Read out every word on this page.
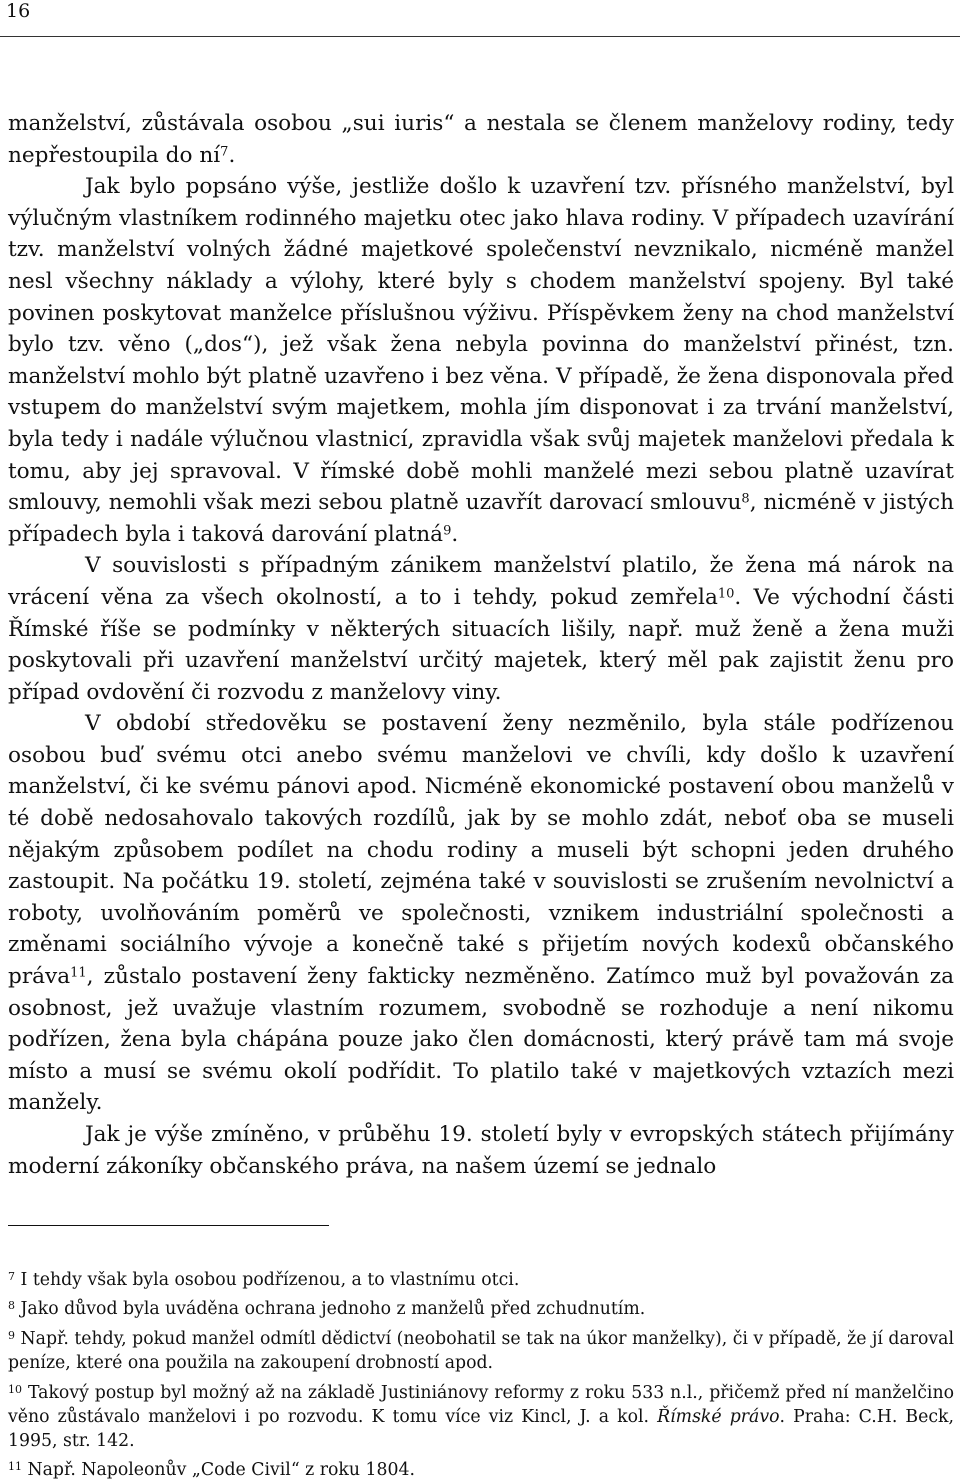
16

manželství, zůstávala osobou „sui iuris“ a nestala se členem manželovy rodiny, tedy nepřestoupila do ní$^7$.

Jak bylo popsáno výše, jestliže došlo k uzavření tzv. přísného manželství, byl výlučným vlastníkem rodinného majetku otec jako hlava rodiny. V případech uzavírání tzv. manželství volných žádné majetkové společenství nevznikalo, nicméně manžel nesl všechny náklady a výlohy, které byly s chodem manželství spojeny. Byl také povinen poskytovat manželce příslušnou výživu. Příspěvkem ženy na chod manželství bylo tzv. věno („dos“), jež však žena nebyla povinna do manželství přinést, tzn. manželství mohlo být platně uzavřeno i bez věna. V případě, že žena disponovala před vstupem do manželství svým majetkem, mohla jím disponovat i za trvání manželství, byla tedy i nadále výlučnou vlastnicí, zpravidla však svůj majetek manželovi předala k tomu, aby jej spravoval. V římské době mohli manželé mezi sebou platně uzavírat smlouvy, nemohli však mezi sebou platně uzavřít darovací smlouvu$^8$, nicméně v jistých případech byla i taková darování platná$^9$.

V souvislosti s případným zánikem manželství platilo, že žena má nárok na vrácení věna za všech okolností, a to i tehdy, pokud zemřela$^{10}$. Ve východní části Římské říše se podmínky v některých situacích lišily, např. muž ženě a žena muži poskytovali při uzavření manželství určitý majetek, který měl pak zajistit ženu pro případ ovdovění či rozvodu z manželovy viny.

V období středověku se postavení ženy nezměnilo, byla stále podřízenou osobou buď svému otci anebo svému manželovi ve chvíli, kdy došlo k uzavření manželství, či ke svému pánovi apod. Nicméně ekonomické postavení obou manželů v té době nedosahovalo takových rozdílů, jak by se mohlo zdát, neboť oba se museli nějakým způsobem podílet na chodu rodiny a museli být schopni jeden druhého zastoupit. Na počátku 19. století, zejména také v souvislosti se zrušením nevolnictví a roboty, uvolňováním poměrů ve společnosti, vznikem industriální společnosti a změnami sociálního vývoje a konečně také s přijetím nových kodexů občanského práva$^{11}$, zůstalo postavení ženy fakticky nezměněno. Zatímco muž byl považován za osobnost, jež uvažuje vlastním rozumem, svobodně se rozhoduje a není nikomu podřízen, žena byla chápána pouze jako člen domácnosti, který právě tam má svoje místo a musí se svému okolí podřídit. To platilo také v majetkových vztazích mezi manžely.

Jak je výše zmíněno, v průběhu 19. století byly v evropských státech přijímány moderní zákoníky občanského práva, na našem území se jednalo

$^7$ I tehdy však byla osobou podřízenou, a to vlastnímu otci.

$^8$ Jako důvod byla uváděna ochrana jednoho z manželů před zchudnutím.

$^9$ Např. tehdy, pokud manžel odmítl dědictví (neobohatil se tak na úkor manželky), či v případě, že jí daroval peníze, které ona použila na zakoupení drobností apod.

$^{10}$ Takový postup byl možný až na základě Justiniánovy reformy z roku 533 n.l., přičemž před ní manželčino věno zůstávalo manželovi i po rozvodu. K tomu více viz Kincl, J. a kol. Římské právo. Praha: C.H. Beck, 1995, str. 142.

$^{11}$ Např. Napoleonův „Code Civil“ z roku 1804.
